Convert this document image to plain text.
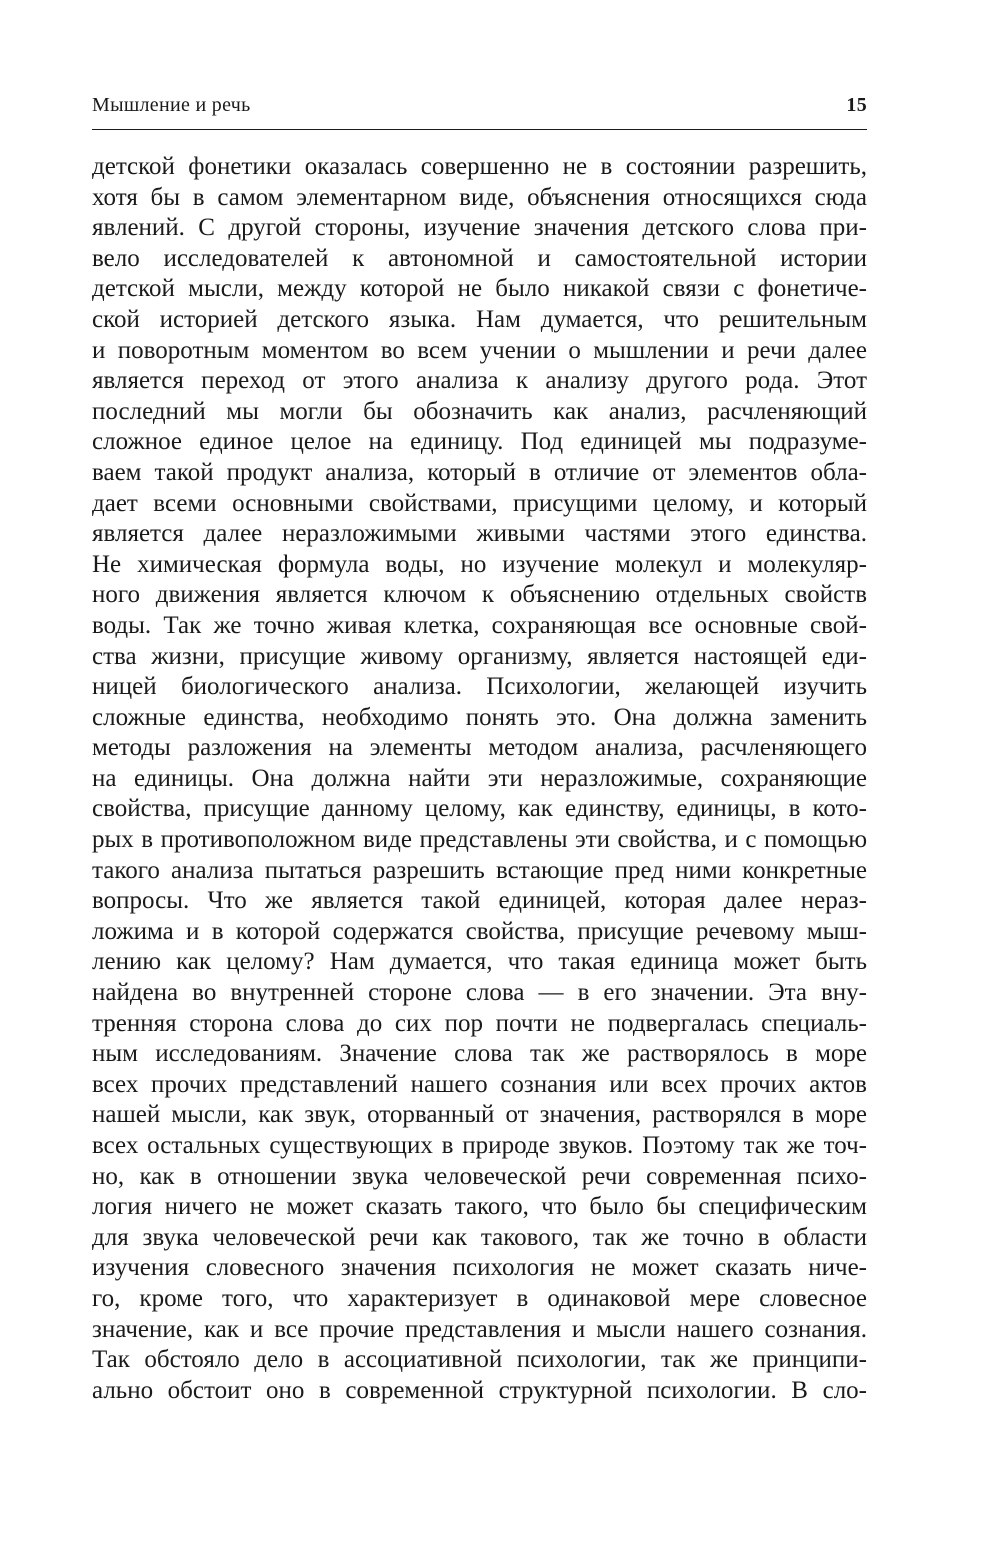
Мышление и речь	15
детской фонетики оказалась совершенно не в состоянии разрешить,
хотя бы в самом элементарном виде, объяснения относящихся сюда
явлений. С другой стороны, изучение значения детского слова при-
вело исследователей к автономной и самостоятельной истории
детской мысли, между которой не было никакой связи с фонетиче-
ской историей детского языка. Нам думается, что решительным
и поворотным моментом во всем учении о мышлении и речи далее
является переход от этого анализа к анализу другого рода. Этот
последний мы могли бы обозначить как анализ, расчленяющий
сложное единое целое на единицу. Под единицей мы подразуме-
ваем такой продукт анализа, который в отличие от элементов обла-
дает всеми основными свойствами, присущими целому, и который
является далее неразложимыми живыми частями этого единства.
Не химическая формула воды, но изучение молекул и молекуляр-
ного движения является ключом к объяснению отдельных свойств
воды. Так же точно живая клетка, сохраняющая все основные свой-
ства жизни, присущие живому организму, является настоящей еди-
ницей биологического анализа. Психологии, желающей изучить
сложные единства, необходимо понять это. Она должна заменить
методы разложения на элементы методом анализа, расчленяющего
на единицы. Она должна найти эти неразложимые, сохраняющие
свойства, присущие данному целому, как единству, единицы, в кото-
рых в противоположном виде представлены эти свойства, и с помощью
такого анализа пытаться разрешить встающие пред ними конкретные
вопросы. Что же является такой единицей, которая далее нераз-
ложима и в которой содержатся свойства, присущие речевому мыш-
лению как целому? Нам думается, что такая единица может быть
найдена во внутренней стороне слова — в его значении. Эта вну-
тренняя сторона слова до сих пор почти не подвергалась специаль-
ным исследованиям. Значение слова так же растворялось в море
всех прочих представлений нашего сознания или всех прочих актов
нашей мысли, как звук, оторванный от значения, растворялся в море
всех остальных существующих в природе звуков. Поэтому так же точ-
но, как в отношении звука человеческой речи современная психо-
логия ничего не может сказать такого, что было бы специфическим
для звука человеческой речи как такового, так же точно в области
изучения словесного значения психология не может сказать ниче-
го, кроме того, что характеризует в одинаковой мере словесное
значение, как и все прочие представления и мысли нашего сознания.
Так обстояло дело в ассоциативной психологии, так же принципи-
ально обстоит оно в современной структурной психологии. В сло-
